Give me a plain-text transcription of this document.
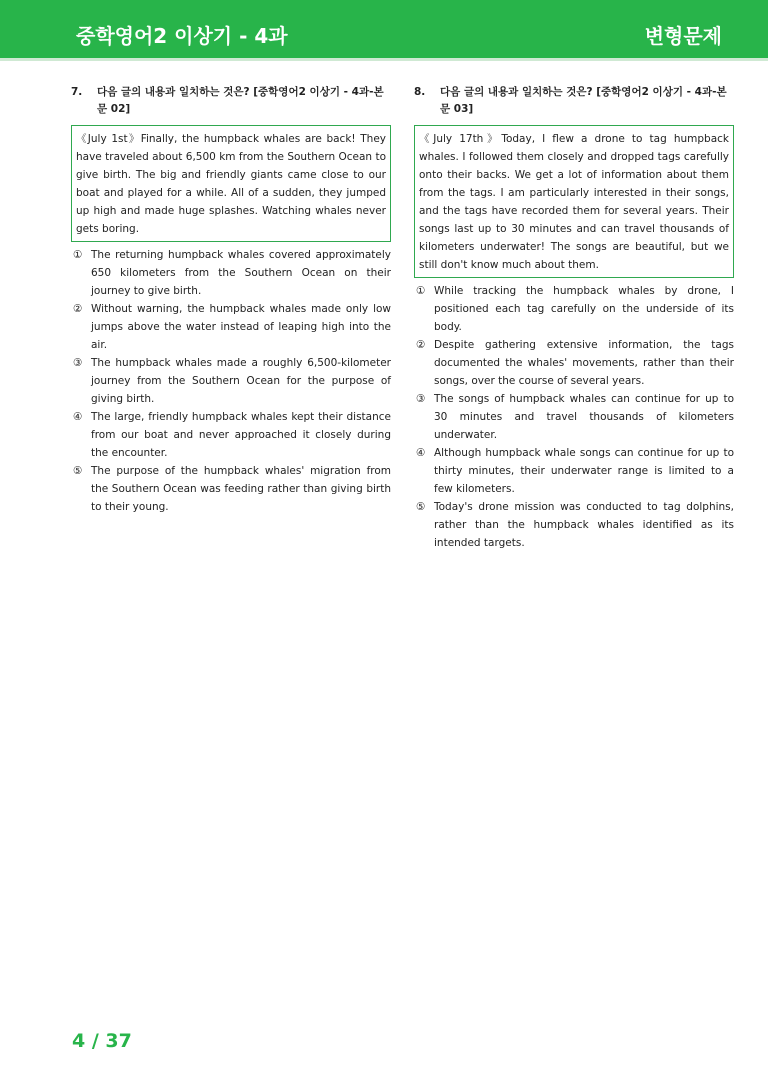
중학영어2 이상기 - 4과	변형문제
7.	다음 글의 내용과 일치하는 것은? [중학영어2 이상기 - 4과-본문 02]
《July 1st》Finally, the humpback whales are back! They have traveled about 6,500 km from the Southern Ocean to give birth. The big and friendly giants came close to our boat and played for a while. All of a sudden, they jumped up high and made huge splashes. Watching whales never gets boring.
① The returning humpback whales covered approximately 650 kilometers from the Southern Ocean on their journey to give birth.
② Without warning, the humpback whales made only low jumps above the water instead of leaping high into the air.
③ The humpback whales made a roughly 6,500-kilometer journey from the Southern Ocean for the purpose of giving birth.
④ The large, friendly humpback whales kept their distance from our boat and never approached it closely during the encounter.
⑤ The purpose of the humpback whales' migration from the Southern Ocean was feeding rather than giving birth to their young.
8.	다음 글의 내용과 일치하는 것은? [중학영어2 이상기 - 4과-본문 03]
《July 17th》Today, I flew a drone to tag humpback whales. I followed them closely and dropped tags carefully onto their backs. We get a lot of information about them from the tags. I am particularly interested in their songs, and the tags have recorded them for several years. Their songs last up to 30 minutes and can travel thousands of kilometers underwater! The songs are beautiful, but we still don't know much about them.
① While tracking the humpback whales by drone, I positioned each tag carefully on the underside of its body.
② Despite gathering extensive information, the tags documented the whales' movements, rather than their songs, over the course of several years.
③ The songs of humpback whales can continue for up to 30 minutes and travel thousands of kilometers underwater.
④ Although humpback whale songs can continue for up to thirty minutes, their underwater range is limited to a few kilometers.
⑤ Today's drone mission was conducted to tag dolphins, rather than the humpback whales identified as its intended targets.
4 / 37
